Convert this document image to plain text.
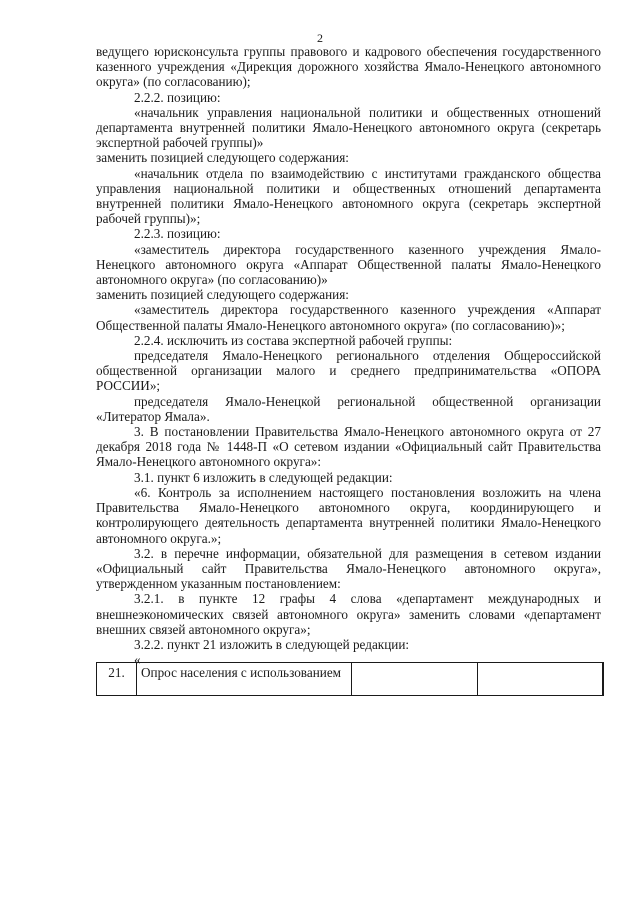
2

ведущего юрисконсульта группы правового и кадрового обеспечения государственного казенного учреждения «Дирекция дорожного хозяйства Ямало-Ненецкого автономного округа» (по согласованию);

2.2.2. позицию:

«начальник управления национальной политики и общественных отношений департамента внутренней политики Ямало-Ненецкого автономного округа (секретарь экспертной рабочей группы)»

заменить позицией следующего содержания:

«начальник отдела по взаимодействию с институтами гражданского общества управления национальной политики и общественных отношений департамента внутренней политики Ямало-Ненецкого автономного округа (секретарь экспертной рабочей группы)»;

2.2.3. позицию:

«заместитель директора государственного казенного учреждения Ямало-Ненецкого автономного округа «Аппарат Общественной палаты Ямало-Ненецкого автономного округа» (по согласованию)»

заменить позицией следующего содержания:

«заместитель директора государственного казенного учреждения «Аппарат Общественной палаты Ямало-Ненецкого автономного округа» (по согласованию)»;

2.2.4. исключить из состава экспертной рабочей группы:

председателя Ямало-Ненецкого регионального отделения Общероссийской общественной организации малого и среднего предпринимательства «ОПОРА РОССИИ»;

председателя Ямало-Ненецкой региональной общественной организации «Литератор Ямала».

3. В постановлении Правительства Ямало-Ненецкого автономного округа от 27 декабря 2018 года № 1448-П «О сетевом издании «Официальный сайт Правительства Ямало-Ненецкого автономного округа»:

3.1. пункт 6 изложить в следующей редакции:

«6. Контроль за исполнением настоящего постановления возложить на члена Правительства Ямало-Ненецкого автономного округа, координирующего и контролирующего деятельность департамента внутренней политики Ямало-Ненецкого автономного округа.»;

3.2. в перечне информации, обязательной для размещения в сетевом издании «Официальный сайт Правительства Ямало-Ненецкого автономного округа», утвержденном указанным постановлением:

3.2.1. в пункте 12 графы 4 слова «департамент международных и внешнеэкономических связей автономного округа» заменить словами «департамент внешних связей автономного округа»;

3.2.2. пункт 21 изложить в следующей редакции:

«

21.	Опрос населения с использованием			
